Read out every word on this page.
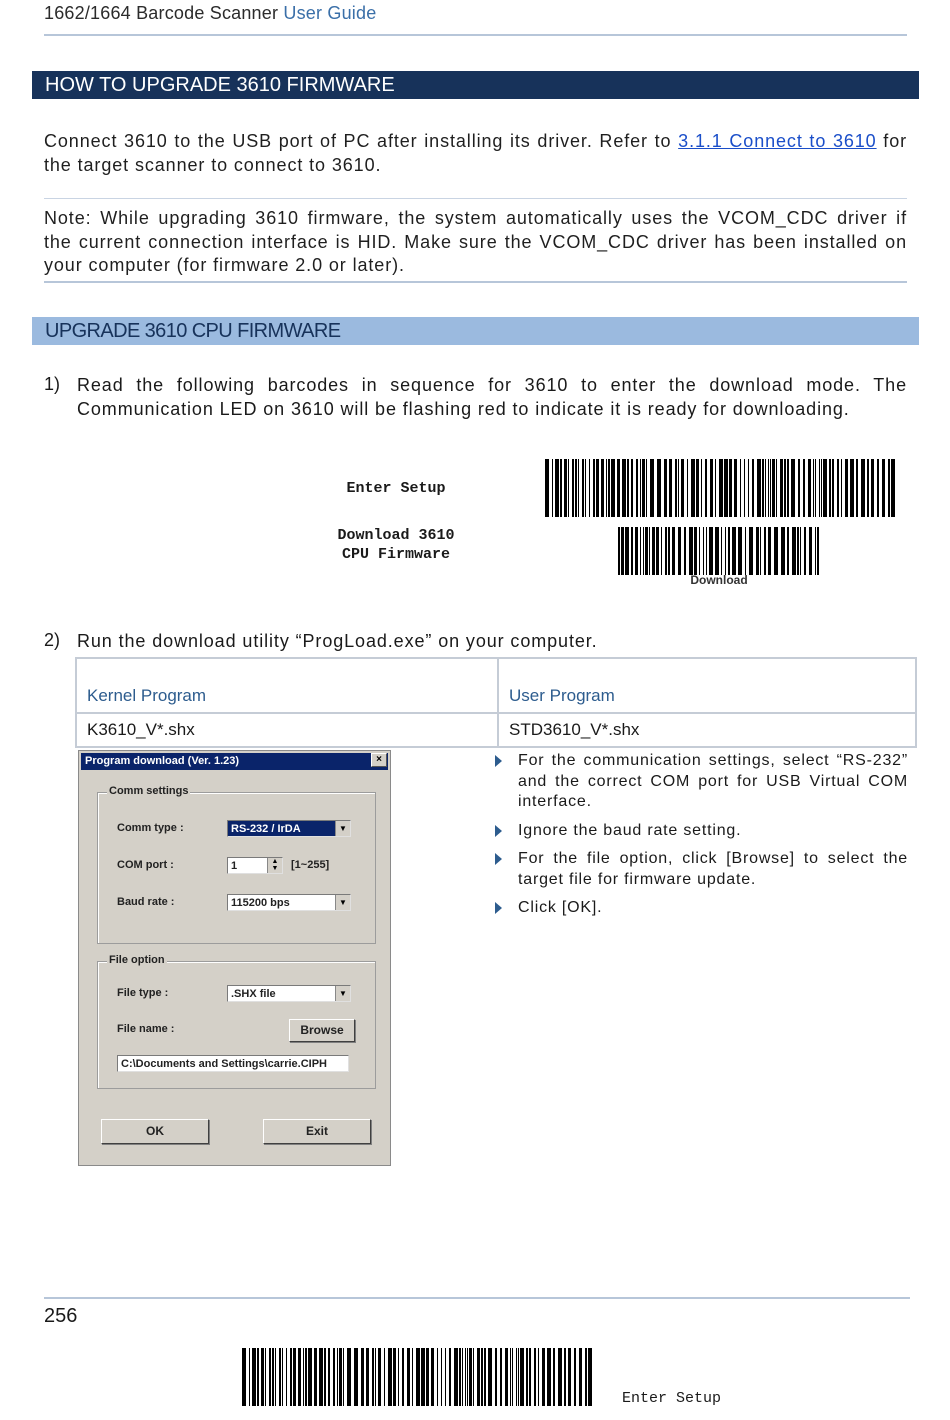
1662/1664 Barcode Scanner User Guide
HOW TO UPGRADE 3610 FIRMWARE
Connect 3610 to the USB port of PC after installing its driver. Refer to 3.1.1 Connect to 3610 for the target scanner to connect to 3610.
Note: While upgrading 3610 firmware, the system automatically uses the VCOM_CDC driver if the current connection interface is HID. Make sure the VCOM_CDC driver has been installed on your computer (for firmware 2.0 or later).
UPGRADE 3610 CPU FIRMWARE
1) Read the following barcodes in sequence for 3610 to enter the download mode. The Communication LED on 3610 will be flashing red to indicate it is ready for downloading.
Enter Setup
Download 3610
CPU Firmware
Download
2) Run the download utility “ProgLoad.exe” on your computer.
Kernel Program	User Program
K3610_V*.shx	STD3610_V*.shx
Program download (Ver. 1.23)	×
Comm settings
Comm type :	RS-232 / IrDA	▼
COM port :	1	▲
▼	[1~255]
Baud rate :	115200 bps	▼
File option
File type :	.SHX file	▼
File name :	Browse
C:\Documents and Settings\carrie.CIPH
OK	Exit
For the communication settings, select “RS-232” and the correct COM port for USB Virtual COM interface.
Ignore the baud rate setting.
For the file option, click [Browse] to select the target file for firmware update.
Click [OK].
256
Enter Setup
